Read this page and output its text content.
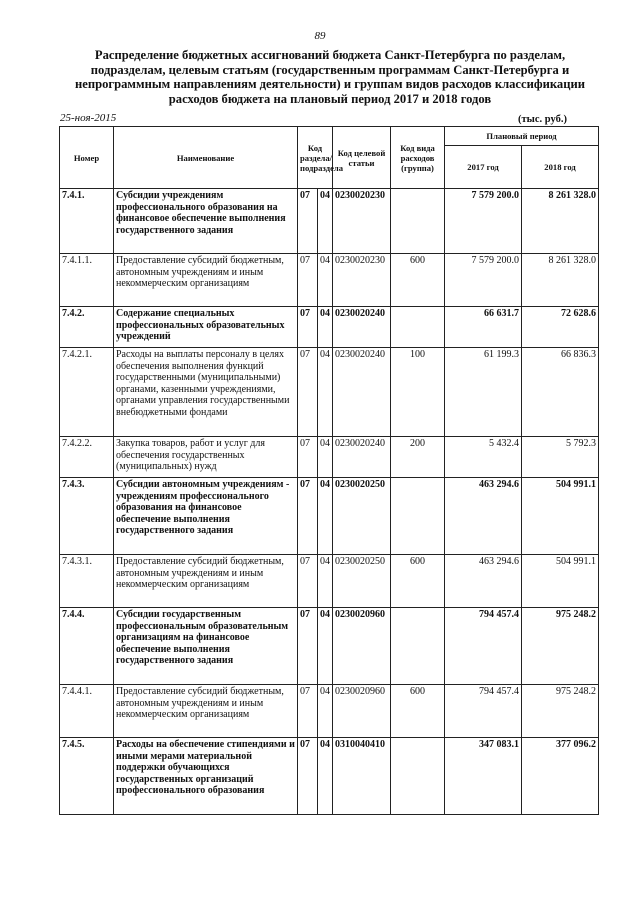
89
Распределение бюджетных ассигнований бюджета Санкт-Петербурга по разделам, подразделам, целевым статьям (государственным программам Санкт-Петербурга и непрограммным направлениям деятельности) и группам видов расходов классификации расходов бюджета на плановый период 2017 и 2018 годов
25-ноя-2015	(тыс. руб.)
Номер	Наименование	Код раздела/ подраздела		Код целевой статьи	Код вида расходов (группа)	Плановый период	
						2017 год	2018 год
7.4.1.	Субсидии учреждениям профессионального образования на финансовое обеспечение выполнения государственного задания	07	04	0230020230		7 579 200.0	8 261 328.0
7.4.1.1.	Предоставление субсидий бюджетным, автономным учреждениям и иным некоммерческим организациям	07	04	0230020230	600	7 579 200.0	8 261 328.0
7.4.2.	Содержание специальных профессиональных образовательных учреждений	07	04	0230020240		66 631.7	72 628.6
7.4.2.1.	Расходы на выплаты персоналу в целях обеспечения выполнения функций государственными (муниципальными) органами, казенными учреждениями, органами управления государственными внебюджетными фондами	07	04	0230020240	100	61 199.3	66 836.3
7.4.2.2.	Закупка товаров, работ и услуг для обеспечения государственных (муниципальных) нужд	07	04	0230020240	200	5 432.4	5 792.3
7.4.3.	Субсидии автономным учреждениям - учреждениям профессионального образования на финансовое обеспечение выполнения государственного задания	07	04	0230020250		463 294.6	504 991.1
7.4.3.1.	Предоставление субсидий бюджетным, автономным учреждениям и иным некоммерческим организациям	07	04	0230020250	600	463 294.6	504 991.1
7.4.4.	Субсидии государственным профессиональным образовательным организациям на финансовое обеспечение выполнения государственного задания	07	04	0230020960		794 457.4	975 248.2
7.4.4.1.	Предоставление субсидий бюджетным, автономным учреждениям и иным некоммерческим организациям	07	04	0230020960	600	794 457.4	975 248.2
7.4.5.	Расходы на обеспечение стипендиями и иными мерами материальной поддержки обучающихся государственных организаций профессионального образования	07	04	0310040410		347 083.1	377 096.2
